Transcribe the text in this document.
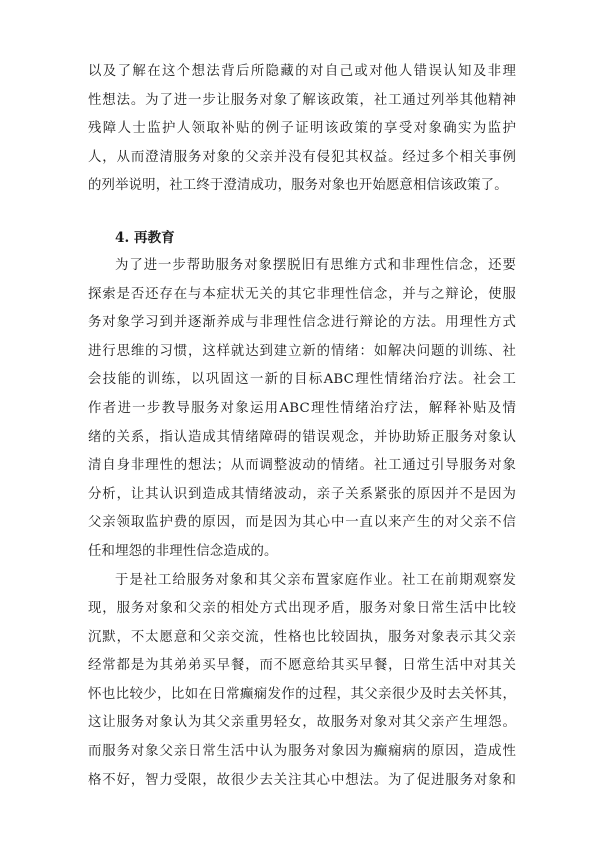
以及了解在这个想法背后所隐藏的对自己或对他人错误认知及非理
性想法。为了进一步让服务对象了解该政策，社工通过列举其他精神
残障人士监护人领取补贴的例子证明该政策的享受对象确实为监护
人，从而澄清服务对象的父亲并没有侵犯其权益。经过多个相关事例
的列举说明，社工终于澄清成功，服务对象也开始愿意相信该政策了。

4. 再教育

为了进一步帮助服务对象摆脱旧有思维方式和非理性信念，还要
探索是否还存在与本症状无关的其它非理性信念，并与之辩论，使服
务对象学习到并逐渐养成与非理性信念进行辩论的方法。用理性方式
进行思维的习惯，这样就达到建立新的情绪：如解决问题的训练、社
会技能的训练，以巩固这一新的目标ABC理性情绪治疗法。社会工
作者进一步教导服务对象运用ABC理性情绪治疗法，解释补贴及情
绪的关系，指认造成其情绪障碍的错误观念，并协助矫正服务对象认
清自身非理性的想法；从而调整波动的情绪。社工通过引导服务对象
分析，让其认识到造成其情绪波动，亲子关系紧张的原因并不是因为
父亲领取监护费的原因，而是因为其心中一直以来产生的对父亲不信
任和埋怨的非理性信念造成的。

于是社工给服务对象和其父亲布置家庭作业。社工在前期观察发
现，服务对象和父亲的相处方式出现矛盾，服务对象日常生活中比较
沉默，不太愿意和父亲交流，性格也比较固执，服务对象表示其父亲
经常都是为其弟弟买早餐，而不愿意给其买早餐，日常生活中对其关
怀也比较少，比如在日常癫痫发作的过程，其父亲很少及时去关怀其，
这让服务对象认为其父亲重男轻女，故服务对象对其父亲产生埋怨。
而服务对象父亲日常生活中认为服务对象因为癫痫病的原因，造成性
格不好，智力受限，故很少去关注其心中想法。为了促进服务对象和
